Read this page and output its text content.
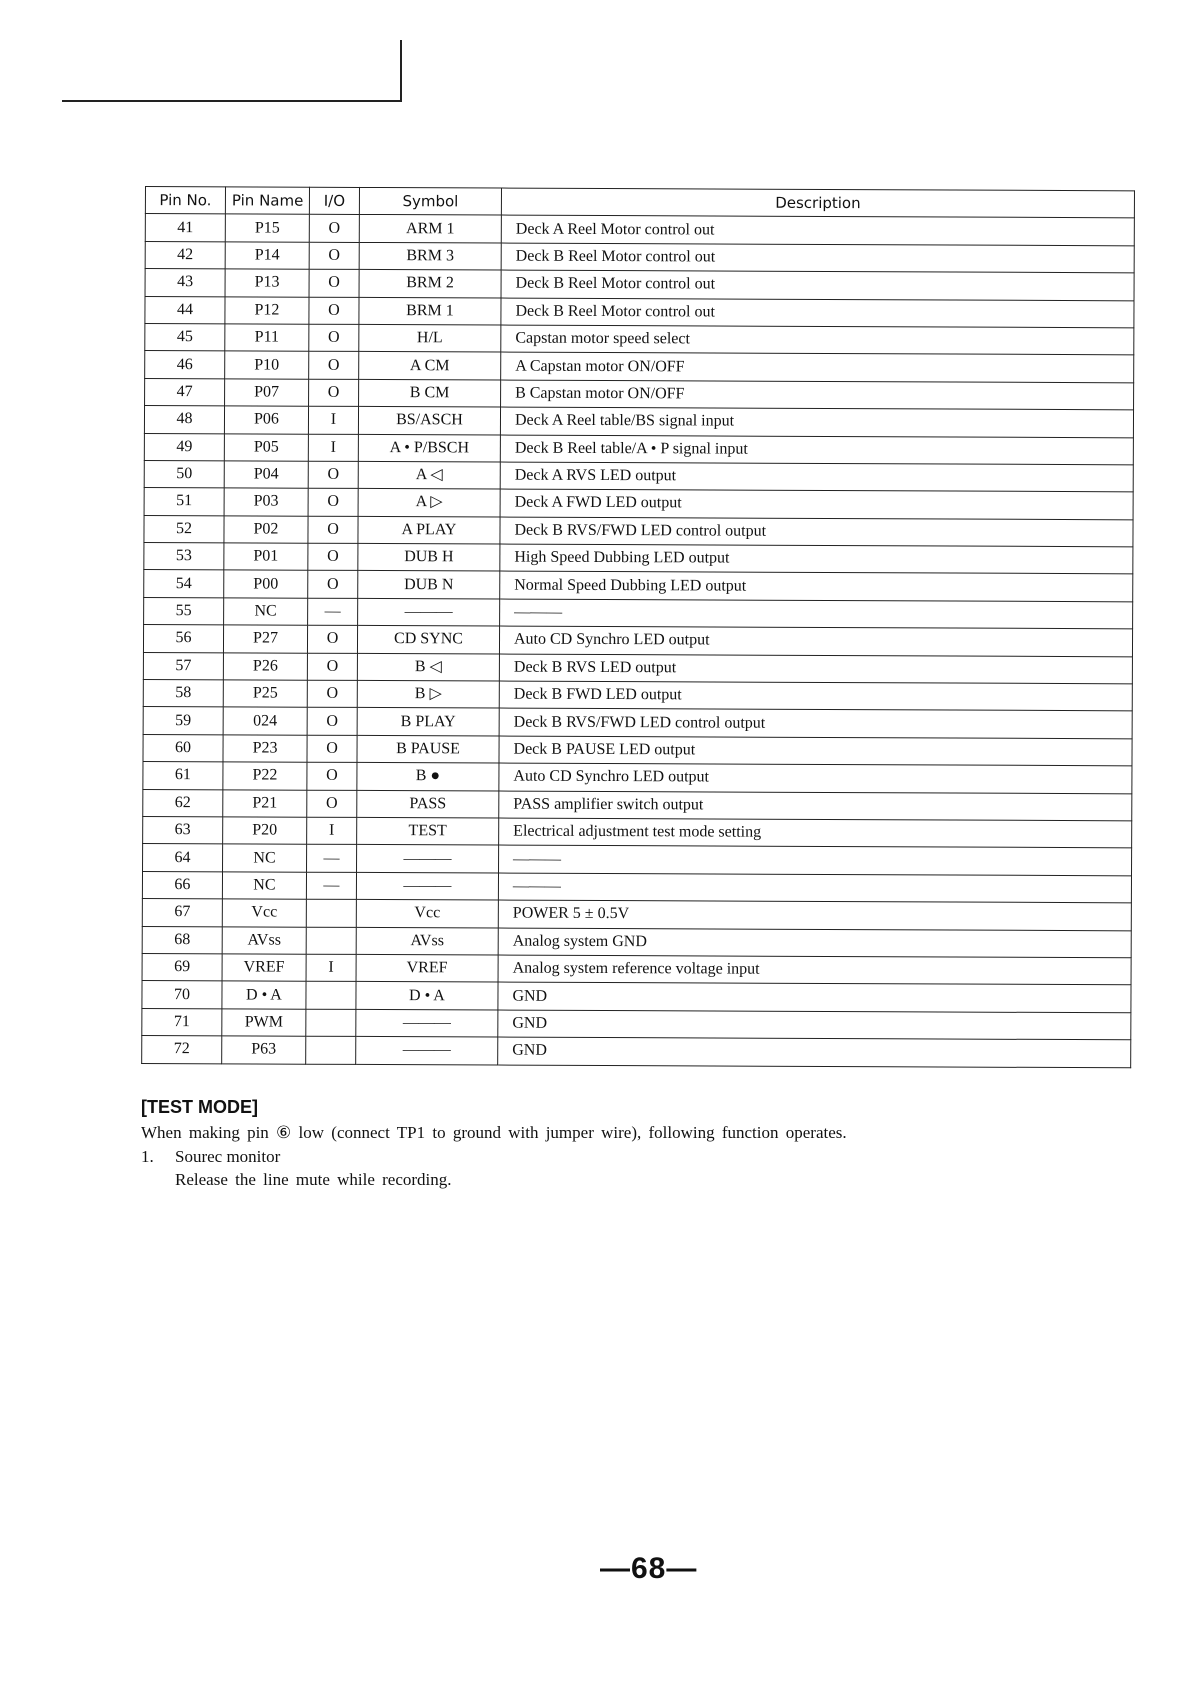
Pin No.	Pin Name	I/O	Symbol	Description
41	P15	O	ARM 1	Deck A Reel Motor control out
42	P14	O	BRM 3	Deck B Reel Motor control out
43	P13	O	BRM 2	Deck B Reel Motor control out
44	P12	O	BRM 1	Deck B Reel Motor control out
45	P11	O	H/L	Capstan motor speed select
46	P10	O	A CM	A Capstan motor ON/OFF
47	P07	O	B CM	B Capstan motor ON/OFF
48	P06	I	BS/ASCH	Deck A Reel table/BS signal input
49	P05	I	A • P/BSCH	Deck B Reel table/A • P signal input
50	P04	O	A ◁	Deck A RVS LED output
51	P03	O	A ▷	Deck A FWD LED output
52	P02	O	A PLAY	Deck B RVS/FWD LED control output
53	P01	O	DUB H	High Speed Dubbing LED output
54	P00	O	DUB N	Normal Speed Dubbing LED output
55	NC	—	———	———
56	P27	O	CD SYNC	Auto CD Synchro LED output
57	P26	O	B ◁	Deck B RVS LED output
58	P25	O	B ▷	Deck B FWD LED output
59	024	O	B PLAY	Deck B RVS/FWD LED control output
60	P23	O	B PAUSE	Deck B PAUSE LED output
61	P22	O	B ●	Auto CD Synchro LED output
62	P21	O	PASS	PASS amplifier switch output
63	P20	I	TEST	Electrical adjustment test mode setting
64	NC	—	———	———
66	NC	—	———	———
67	Vcc		Vcc	POWER 5 ± 0.5V
68	AVss		AVss	Analog system GND
69	VREF	I	VREF	Analog system reference voltage input
70	D • A		D • A	GND
71	PWM		———	GND
72	P63		———	GND

[TEST MODE]

When making pin ⑥ low (connect TP1 to ground with jumper wire), following function operates.

1. Sourec monitor

Release the line mute while recording.

—68—
